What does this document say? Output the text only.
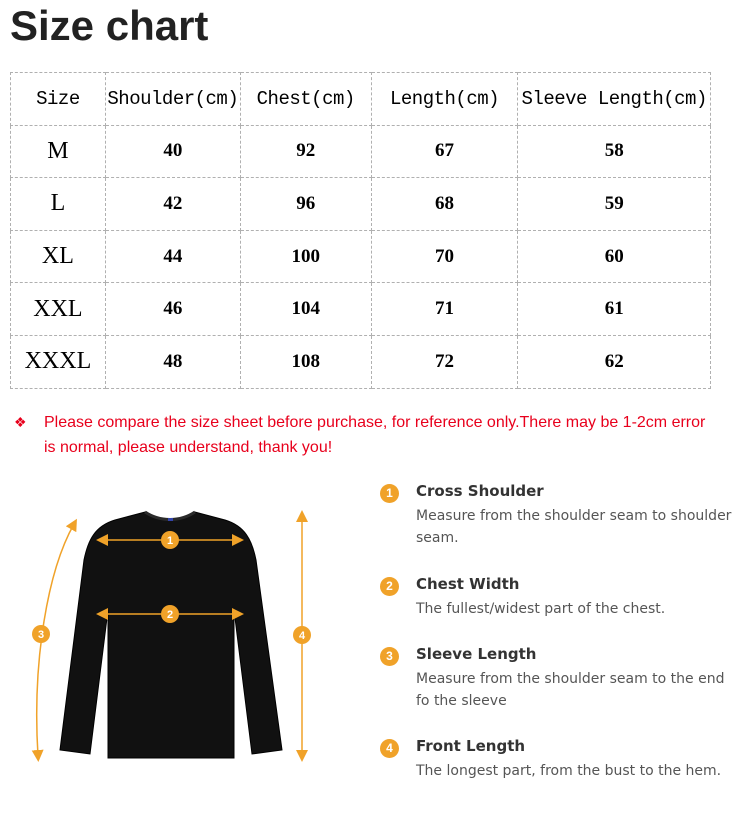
Size chart
Size	Shoulder(cm)	Chest(cm)	Length(cm)	Sleeve Length(cm)
M	40	92	67	58
L	42	96	68	59
XL	44	100	70	60
XXL	46	104	71	61
XXXL	48	108	72	62
❖ Please compare the size sheet before purchase, for reference only.There may be 1-2cm error is normal, please understand, thank you!
1
2
3	4
1	Cross Shoulder
Measure from the shoulder seam to shoulder seam.
2	Chest Width
The fullest/widest part of the chest.
3	Sleeve Length
Measure from the shoulder seam to the end fo the sleeve
4	Front Length
The longest part, from the bust to the hem.
